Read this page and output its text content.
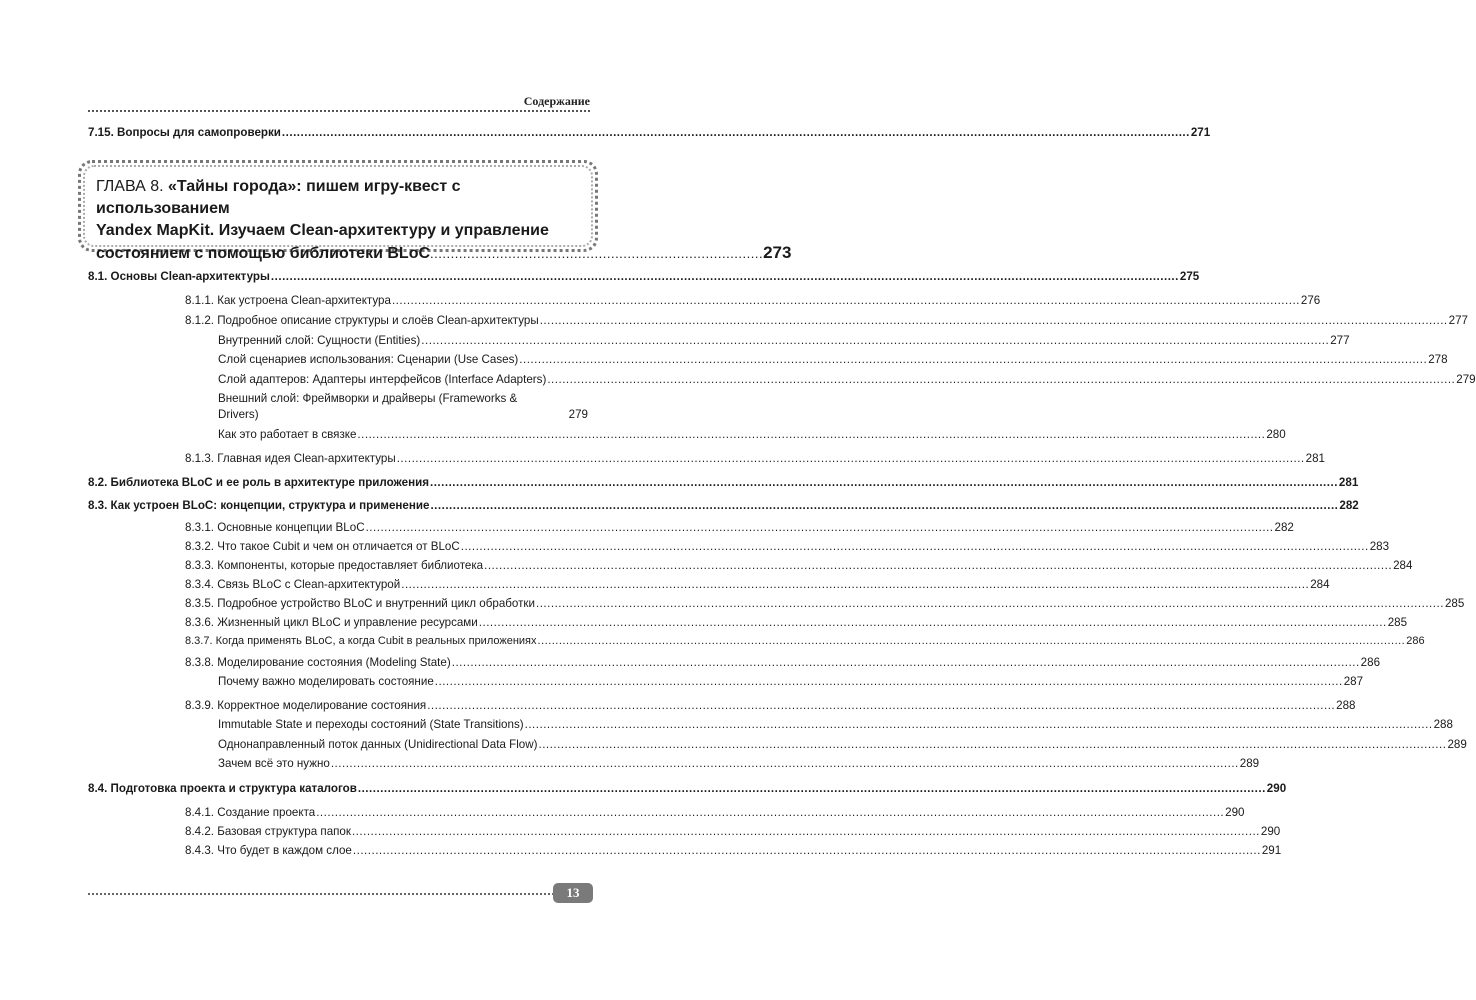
Содержание
7.15. Вопросы для самопроверки .....	271
ГЛАВА 8. «Тайны города»: пишем игру-квест с использованием
Yandex MapKit. Изучаем Clean-архитектуру и управление
состоянием с помощью библиотеки BLoC ................................................................................. 273
8.1. Основы Clean-архитектуры .....	275
8.1.1. Как устроена Clean-архитектура .....	276
8.1.2. Подробное описание структуры и слоёв Clean-архитектуры .....	277
Внутренний слой: Сущности (Entities) .....	277
Слой сценариев использования: Сценарии (Use Cases) .....	278
Слой адаптеров: Адаптеры интерфейсов (Interface Adapters) .....	279
Внешний слой: Фреймворки и драйверы (Frameworks &
Drivers)	279
Как это работает в связке .....	280
8.1.3. Главная идея Clean-архитектуры .....	281
8.2. Библиотека BLoC и ее роль в архитектуре приложения .....	281
8.3. Как устроен BLoC: концепции, структура и применение .....	282
8.3.1. Основные концепции BLoC .....	282
8.3.2. Что такое Cubit и чем он отличается от BLoC .....	283
8.3.3. Компоненты, которые предоставляет библиотека .....	284
8.3.4. Связь BLoC с Clean-архитектурой .....	284
8.3.5. Подробное устройство BLoC и внутренний цикл обработки .....	285
8.3.6. Жизненный цикл BLoC и управление ресурсами .....	285
8.3.7. Когда применять BLoC, а когда Cubit в реальных приложениях .....	286
8.3.8. Моделирование состояния (Modeling State) .....	286
Почему важно моделировать состояние .....	287
8.3.9. Корректное моделирование состояния .....	288
Immutable State и переходы состояний (State Transitions) .....	288
Однонаправленный поток данных (Unidirectional Data Flow) .....	289
Зачем всё это нужно .....	289
8.4. Подготовка проекта и структура каталогов .....	290
8.4.1. Создание проекта .....	290
8.4.2. Базовая структура папок .....	290
8.4.3. Что будет в каждом слое .....	291
13
